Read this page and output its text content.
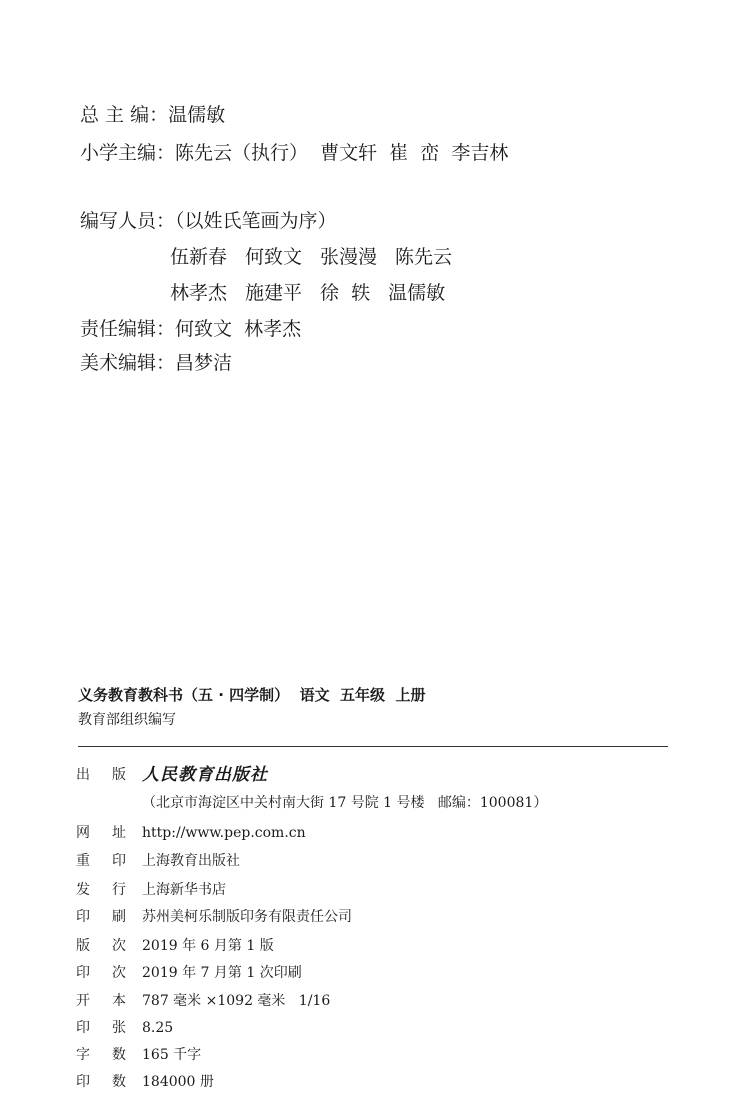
总 主 编：温儒敏
小学主编：陈先云（执行）  曹文轩  崔  峦  李吉林
编写人员：（以姓氏笔画为序）
伍新春 何致文 张漫漫 陈先云
林孝杰 施建平 徐  轶 温儒敏
责任编辑：何致文  林孝杰
美术编辑：昌梦洁
义务教育教科书（五 · 四学制）  语文  五年级  上册
教育部组织编写
出 版 人民教育出版社
（北京市海淀区中关村南大街 17 号院 1 号楼   邮编：100081）
网 址 http://www.pep.com.cn
重 印 上海教育出版社
发 行 上海新华书店
印 刷 苏州美柯乐制版印务有限责任公司
版 次 2019 年 6 月第 1 版
印 次 2019 年 7 月第 1 次印刷
开 本 787 毫米 ×1092 毫米   1/16
印 张 8.25
字 数 165 千字
印 数 184000 册
